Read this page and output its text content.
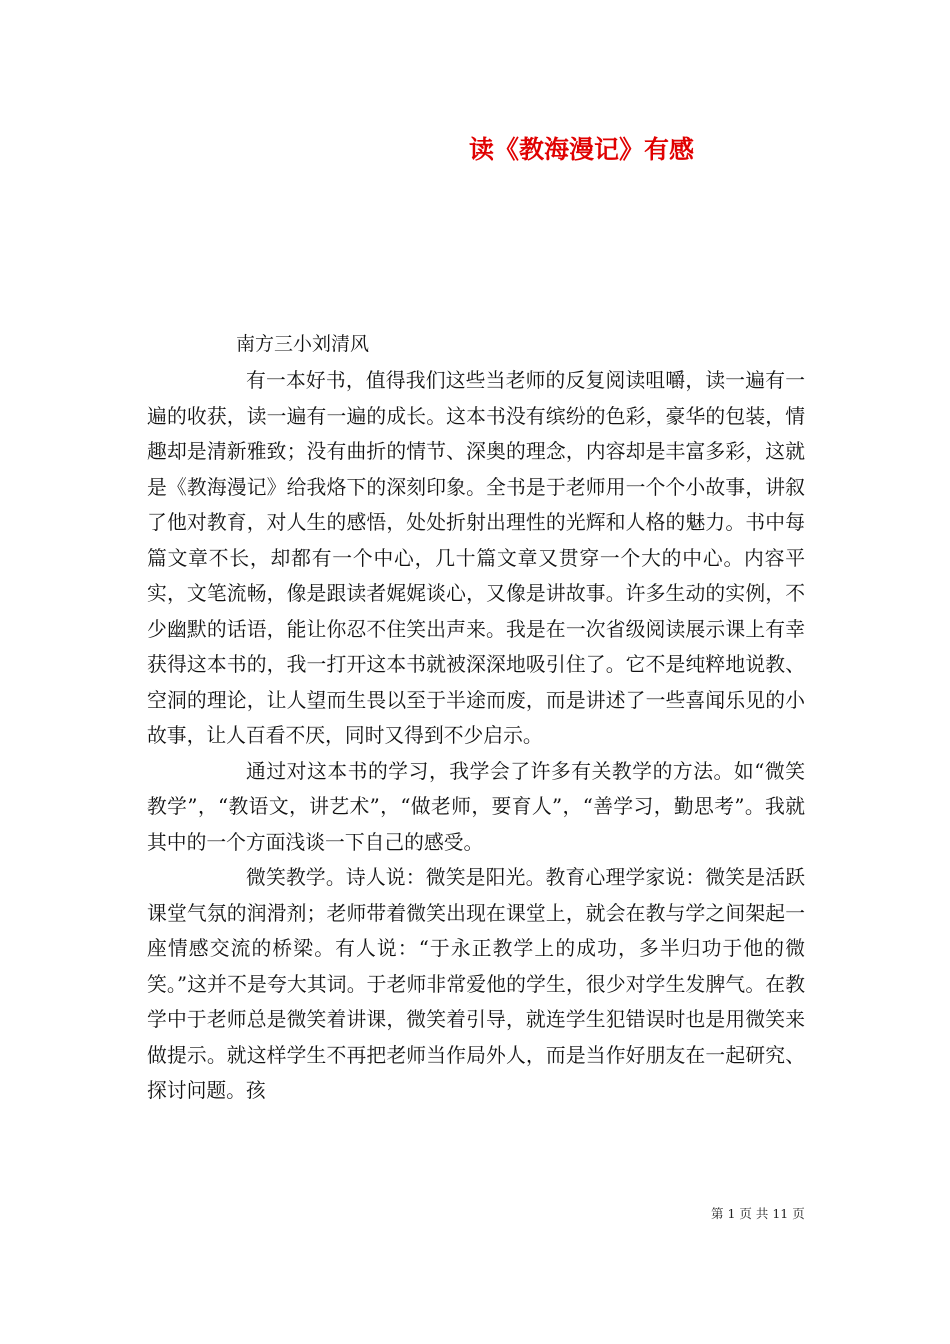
读《教海漫记》有感

南方三小刘清风

有一本好书，值得我们这些当老师的反复阅读咀嚼，读一遍有一遍的收获，读一遍有一遍的成长。这本书没有缤纷的色彩，豪华的包装，情趣却是清新雅致；没有曲折的情节、深奥的理念，内容却是丰富多彩，这就是《教海漫记》给我烙下的深刻印象。全书是于老师用一个个小故事，讲叙了他对教育，对人生的感悟，处处折射出理性的光辉和人格的魅力。书中每篇文章不长，却都有一个中心，几十篇文章又贯穿一个大的中心。内容平实，文笔流畅，像是跟读者娓娓谈心，又像是讲故事。许多生动的实例，不少幽默的话语，能让你忍不住笑出声来。我是在一次省级阅读展示课上有幸获得这本书的，我一打开这本书就被深深地吸引住了。它不是纯粹地说教、空洞的理论，让人望而生畏以至于半途而废，而是讲述了一些喜闻乐见的小故事，让人百看不厌，同时又得到不少启示。

通过对这本书的学习，我学会了许多有关教学的方法。如“微笑教学”，“教语文，讲艺术”，“做老师，要育人”，“善学习，勤思考”。我就其中的一个方面浅谈一下自己的感受。

微笑教学。诗人说：微笑是阳光。教育心理学家说：微笑是活跃课堂气氛的润滑剂；老师带着微笑出现在课堂上，就会在教与学之间架起一座情感交流的桥梁。有人说：“于永正教学上的成功，多半归功于他的微笑。”这并不是夸大其词。于老师非常爱他的学生，很少对学生发脾气。在教学中于老师总是微笑着讲课，微笑着引导，就连学生犯错误时也是用微笑来做提示。就这样学生不再把老师当作局外人，而是当作好朋友在一起研究、探讨问题。孩

第 1 页 共 11 页
